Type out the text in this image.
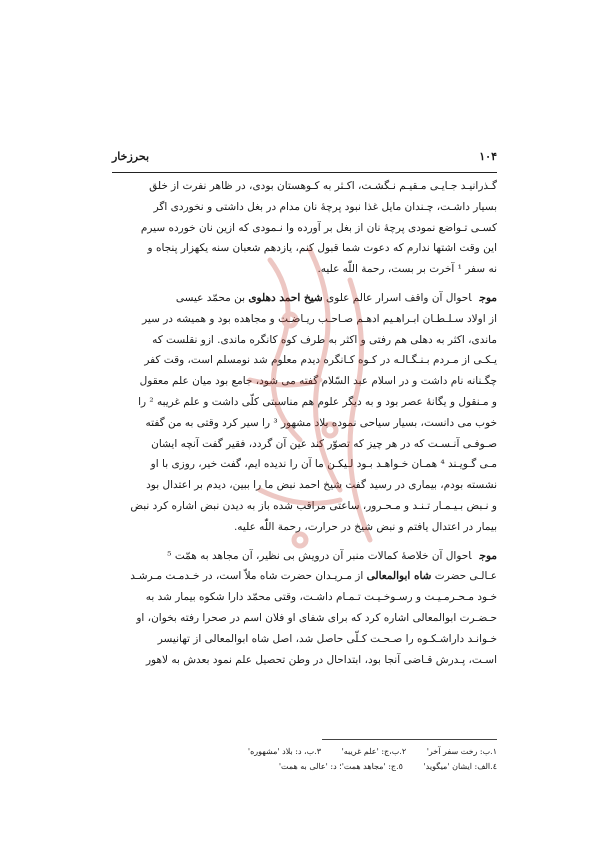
۱۰۴
بحرزخار
گـذرانیـد جـایـی مـقیـم نـگشـت، اکـثر به کـوهستان بودی، در ظاهر نفرت از خلق
بسیار داشـت، چـندان مایل غذا نبود پرچهٔ نان مدام در بغل داشتی و نخوردی اگر
کسـی تـواضع نمودی پرچهٔ نان از بغل بر آورده وا نـمودی که ازین نان خورده سیرم
این وقت اشتها ندارم که دعوت شما قبول کنم، یازدهم شعبان سنه یکهزار پنجاه و
نه سفر ¹ آخرت بر بست، رحمة اللّٰه علیه.
موجاحوال آن واقف اسرار عالم علوی شیخ احمد دهلوی بن محمّد عیسی
از اولاد سـلـطـان ابـراهـیم ادهـم صـاحـب ریـاضـت و مجاهده بود و همیشه در سیر
ماندی، اکثر به دهلی هم رفتی و اکثر به طرف کوه کانگره ماندی. ازو نقلست که
یـکـی از مـردم بـنـگـالـه در کـوه کـانگره دیدم معلوم شد نومسلم است، وقت کفر
چگـنانه نام داشت و در اسلام عبد السّلام گفته می شود، جامع بود میان علم معقول
و مـنقول و یگانهٔ عصر بود و به دیگر علوم هم مناسبتی کلّی داشت و علم غریبه ² را
خوب می دانست، بسیار سیاحی نموده بلاد مشهور ³ را سیر کرد وقتی به من گفته
صـوفـی آنـسـت که در هر چیز که تصوّر کند عین آن گردد، فقیر گفت آنچه ایشان
مـی گـویـند ⁴ همـان خـواهـد بـود لـیکـن ما آن را ندیده ایم، گفت خیر، روزی با او
نشسته بودم، بیماری در رسید گفت شیخ احمد نبض ما را ببین، دیدم بر اعتدال بود
و نـبض بـیـمـار تـنـد و مـحـرور، ساعتی مراقب شده باز به دیدن نبض اشاره کرد نبض
بیمار در اعتدال یافتم و نبض شیخ در حرارت، رحمة اللّٰه علیه.
موجاحوال آن خلاصهٔ کمالات منبر آن درویش بی نظیر، آن مجاهد به همّت ⁵
عـالـی حضرت شاه ابوالمعالی از مـریـدان حضرت شاه ملاّ است، در خـدمـت مـرشـد
خـود مـحـرمـیـت و رسـوخـیـت تـمـام داشـت، وقتی محمّد دارا شکوه بیمار شد به
حـضـرت ابوالمعالی اشاره کرد که برای شفای او فلان اسم در صحرا رفته بخوان، او
خـوانـد داراشـکـوه را صـحـت کـلّی حاصل شد، اصل شاه ابوالمعالی از تهانیسر
اسـت، پـدرش قـاضی آنجا بود، ابتداحال در وطن تحصیل علم نمود بعدش به لاهور
۱.ب: رخت سفر آخر' ۲.ب،ج: 'علم غریبه' ۳.ب، د: بلاد 'مشهوره'
٤.الف: ایشان 'میگوید' ٥.ج: 'مجاهد همت'؛ د: 'عالی به همت'
